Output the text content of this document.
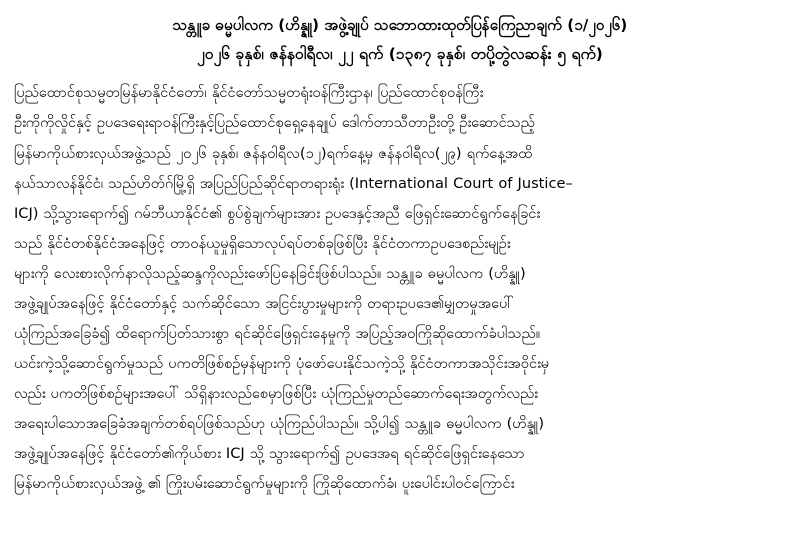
သန္တူခ ဓမ္မပါလက (ဟိန္နူ) အဖွဲ့ချုပ် သဘောထားထုတ်ပြန်ကြေညာချက် (၁/၂၀၂၆)
၂၀၂၆ ခုနှစ်၊ ဇန်နဝါရီလ၊ ၂၂ ရက် (၁၃၈၇ ခုနှစ်၊ တပို့တွဲလဆန်း ၅ ရက်)

ပြည်ထောင်စုသမ္မတမြန်မာနိုင်ငံတော်၊ နိုင်ငံတော်သမ္မတရုံးဝန်ကြီးဌာန၊ ပြည်ထောင်စုဝန်ကြီး
ဦးကိုကိုလှိုင်နှင့် ဥပဒေရေးရာဝန်ကြီးနှင့်ပြည်ထောင်စုရှေ့နေချုပ် ဒေါက်တာသီတာဦးတို့ ဦးဆောင်သည့်
မြန်မာကိုယ်စားလှယ်အဖွဲ့သည် ၂၀၂၆ ခုနှစ်၊ ဇန်နဝါရီလ(၁၂)ရက်နေ့မှ ဇန်နဝါရီလ(၂၉) ရက်နေ့အထိ
နယ်သာလန်နိုင်ငံ၊ သည်ဟိတ်ဂ်မြို့ရှိ အပြည်ပြည်ဆိုင်ရာတရားရုံး (International Court of Justice–
ICJ) သို့သွားရောက်၍ ဂမ်ဘီယာနိုင်ငံ၏ စွပ်စွဲချက်များအား ဥပဒေနှင့်အညီ ဖြေရှင်းဆောင်ရွက်နေခြင်း
သည် နိုင်ငံတစ်နိုင်ငံအနေဖြင့် တာဝန်ယူမှုရှိသောလုပ်ရပ်တစ်ခုဖြစ်ပြီး နိုင်ငံတကာဥပဒေစည်းမျဉ်း
များကို လေးစားလိုက်နာလိုသည့်ဆန္ဒကိုလည်းဖော်ပြနေခြင်းဖြစ်ပါသည်။ သန္တူခ ဓမ္မပါလက (ဟိန္နူ)
အဖွဲ့ချုပ်အနေဖြင့် နိုင်ငံတော်နှင့် သက်ဆိုင်သော အငြင်းပွားမှုများကို တရားဥပဒေ၏မျှတမှုအပေါ်
ယုံကြည်အခြေခံ၍ ထိရောက်ပြတ်သားစွာ ရင်ဆိုင်ဖြေရှင်းနေမှုကို အပြည့်အဝကြိုဆိုထောက်ခံပါသည်။

ယင်းကဲ့သို့ဆောင်ရွက်မှုသည် ပကတိဖြစ်စဉ်မှန်များကို ပုံဖော်ပေးနိုင်သကဲ့သို့ နိုင်ငံတကာအသိုင်းအဝိုင်းမှ
လည်း ပကတိဖြစ်စဉ်များအပေါ် သိရှိနားလည်စေမှာဖြစ်ပြီး ယုံကြည်မှုတည်ဆောက်ရေးအတွက်လည်း
အရေးပါသောအခြေခံအချက်တစ်ရပ်ဖြစ်သည်ဟု ယုံကြည်ပါသည်။ သို့ပါ၍ သန္တူခ ဓမ္မပါလက (ဟိန္နူ)
အဖွဲ့ချုပ်အနေဖြင့် နိုင်ငံတော်၏ကိုယ်စား ICJ သို့ သွားရောက်၍ ဥပဒေအရ ရင်ဆိုင်ဖြေရှင်းနေသော
မြန်မာကိုယ်စားလှယ်အဖွဲ့ ၏ ကြိုးပမ်းဆောင်ရွက်မှုများကို ကြိုဆိုထောက်ခံ၊ ပူးပေါင်းပါဝင်ကြောင်း
